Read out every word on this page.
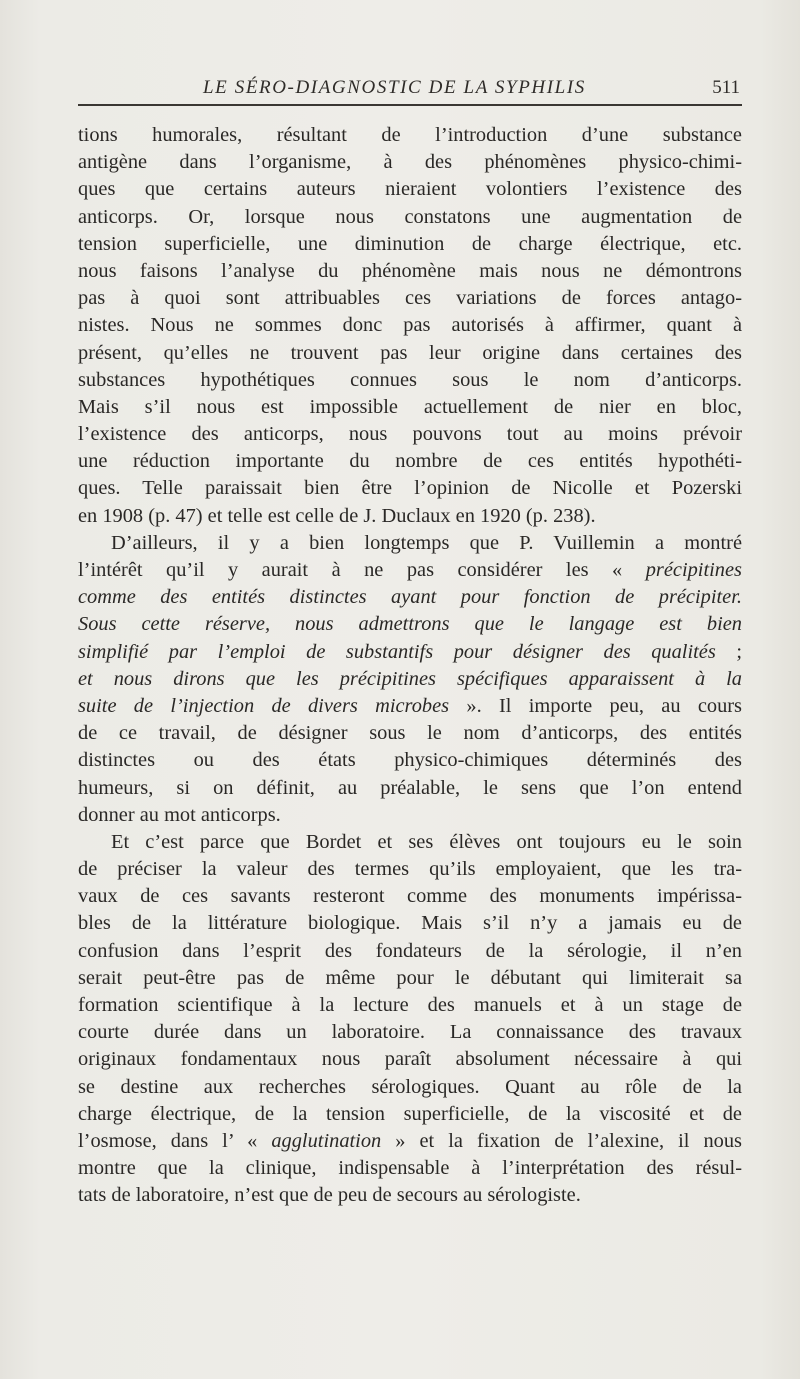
LE SÉRO-DIAGNOSTIC DE LA SYPHILIS	511
tions humorales, résultant de l’introduction d’une substance
antigène dans l’organisme, à des phénomènes physico-chimi-
ques que certains auteurs nieraient volontiers l’existence des
anticorps. Or, lorsque nous constatons une augmentation de
tension superficielle, une diminution de charge électrique, etc.
nous faisons l’analyse du phénomène mais nous ne démontrons
pas à quoi sont attribuables ces variations de forces antago-
nistes. Nous ne sommes donc pas autorisés à affirmer, quant à
présent, qu’elles ne trouvent pas leur origine dans certaines des
substances hypothétiques connues sous le nom d’anticorps.
Mais s’il nous est impossible actuellement de nier en bloc,
l’existence des anticorps, nous pouvons tout au moins prévoir
une réduction importante du nombre de ces entités hypothéti-
ques. Telle paraissait bien être l’opinion de Nicolle et Pozerski
en 1908 (p. 47) et telle est celle de J. Duclaux en 1920 (p. 238).
D’ailleurs, il y a bien longtemps que P. Vuillemin a montré
l’intérêt qu’il y aurait à ne pas considérer les « précipitines
comme des entités distinctes ayant pour fonction de précipiter.
Sous cette réserve, nous admettrons que le langage est bien
simplifié par l’emploi de substantifs pour désigner des qualités ;
et nous dirons que les précipitines spécifiques apparaissent à la
suite de l’injection de divers microbes ». Il importe peu, au cours
de ce travail, de désigner sous le nom d’anticorps, des entités
distinctes ou des états physico-chimiques déterminés des
humeurs, si on définit, au préalable, le sens que l’on entend
donner au mot anticorps.
Et c’est parce que Bordet et ses élèves ont toujours eu le soin
de préciser la valeur des termes qu’ils employaient, que les tra-
vaux de ces savants resteront comme des monuments impérissa-
bles de la littérature biologique. Mais s’il n’y a jamais eu de
confusion dans l’esprit des fondateurs de la sérologie, il n’en
serait peut-être pas de même pour le débutant qui limiterait sa
formation scientifique à la lecture des manuels et à un stage de
courte durée dans un laboratoire. La connaissance des travaux
originaux fondamentaux nous paraît absolument nécessaire à qui
se destine aux recherches sérologiques. Quant au rôle de la
charge électrique, de la tension superficielle, de la viscosité et de
l’osmose, dans l’ « agglutination » et la fixation de l’alexine, il nous
montre que la clinique, indispensable à l’interprétation des résul-
tats de laboratoire, n’est que de peu de secours au sérologiste.
